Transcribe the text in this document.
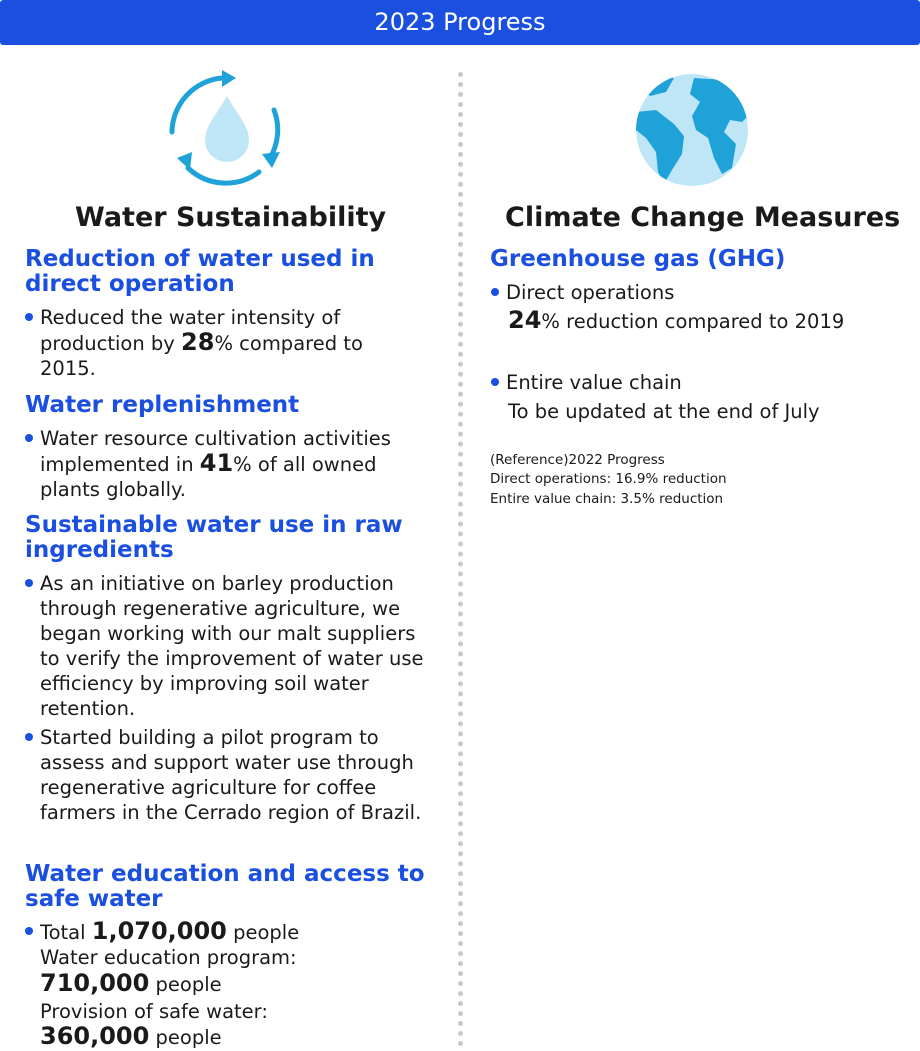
2023 Progress
Water Sustainability	Climate Change Measures
Reduction of water used in direct operation
Reduced the water intensity of production by 28% compared to 2015.
Water replenishment
Water resource cultivation activities implemented in 41% of all owned plants globally.
Sustainable water use in raw ingredients
As an initiative on barley production through regenerative agriculture, we began working with our malt suppliers to verify the improvement of water use efficiency by improving soil water retention.
Started building a pilot program to assess and support water use through regenerative agriculture for coffee farmers in the Cerrado region of Brazil.
Water education and access to safe water
Total 1,070,000 people
Water education program:
710,000 people
Provision of safe water:
360,000 people
Greenhouse gas (GHG)
Direct operations
24% reduction compared to 2019
Entire value chain
To be updated at the end of July
(Reference)2022 Progress
Direct operations: 16.9% reduction
Entire value chain: 3.5% reduction
